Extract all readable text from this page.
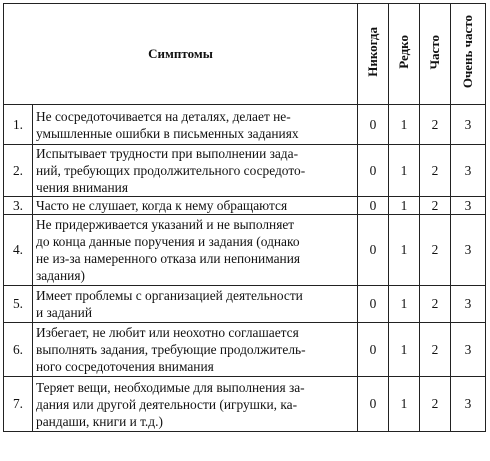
Симптомы		Никогда	Редко	Часто	Очень часто
1.	Не сосредоточивается на деталях, делает не-
умышленные ошибки в письменных заданиях	0	1	2	3
2.	Испытывает трудности при выполнении зада-
ний, требующих продолжительного сосредото-
чения внимания	0	1	2	3
3.	Часто не слушает, когда к нему обращаются	0	1	2	3
4.	Не придерживается указаний и не выполняет
до конца данные поручения и задания (однако
не из-за намеренного отказа или непонимания
задания)	0	1	2	3
5.	Имеет проблемы с организацией деятельности
и заданий	0	1	2	3
6.	Избегает, не любит или неохотно соглашается
выполнять задания, требующие продолжитель-
ного сосредоточения внимания	0	1	2	3
7.	Теряет вещи, необходимые для выполнения за-
дания или другой деятельности (игрушки, ка-
рандаши, книги и т.д.)	0	1	2	3
